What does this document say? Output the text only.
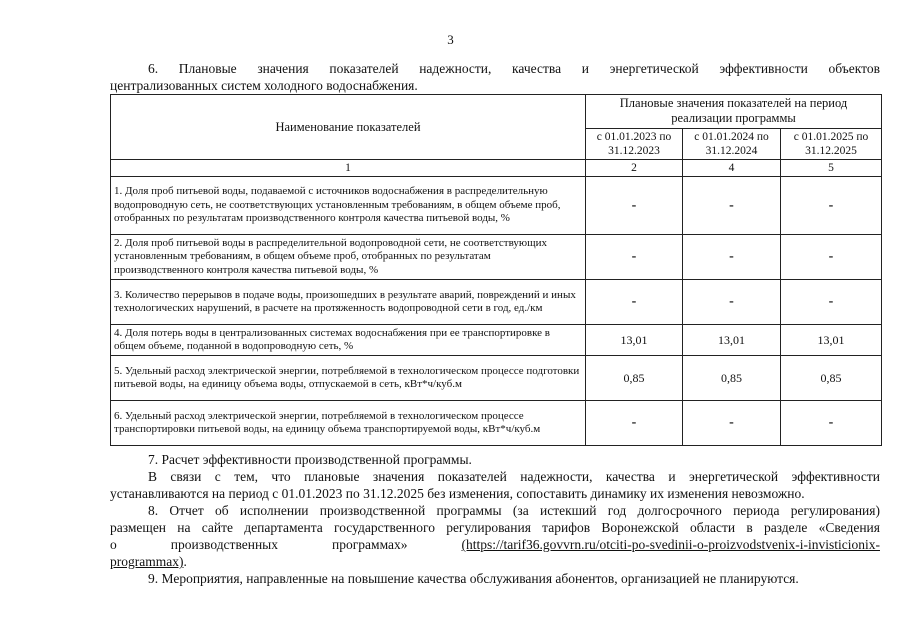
3
6. Плановые значения показателей надежности, качества и энергетической эффективности объектов
централизованных систем холодного водоснабжения.
Наименование показателей	Плановые значения показателей на период реализации программы		
	с 01.01.2023 по 31.12.2023	с 01.01.2024 по 31.12.2024	с 01.01.2025 по 31.12.2025
1	2	4	5
1. Доля проб питьевой воды, подаваемой с источников водоснабжения в распределительную водопроводную сеть, не соответствующих установленным требованиям, в общем объеме проб, отобранных по результатам производственного контроля качества питьевой воды, %	-	-	-
2. Доля проб питьевой воды в распределительной водопроводной сети, не соответствующих установленным требованиям, в общем объеме проб, отобранных по результатам производственного контроля качества питьевой воды, %	-	-	-
3. Количество перерывов в подаче воды, произошедших в результате аварий, повреждений и иных технологических нарушений, в расчете на протяженность водопроводной сети в год, ед./км	-	-	-
4. Доля потерь воды в централизованных системах водоснабжения при ее транспортировке в общем объеме, поданной в водопроводную сеть, %	13,01	13,01	13,01
5. Удельный расход электрической энергии, потребляемой в технологическом процессе подготовки питьевой воды, на единицу объема воды, отпускаемой в сеть, кВт*ч/куб.м	0,85	0,85	0,85
6. Удельный расход электрической энергии, потребляемой в технологическом процессе транспортировки питьевой воды, на единицу объема транспортируемой воды, кВт*ч/куб.м	-	-	-
7. Расчет эффективности производственной программы.
В связи с тем, что плановые значения показателей надежности, качества и энергетической эффективности
устанавливаются на период с 01.01.2023 по 31.12.2025 без изменения, сопоставить динамику их изменения невозможно.
8. Отчет об исполнении производственной программы (за истекший год долгосрочного периода регулирования)
размещен на сайте департамента государственного регулирования тарифов Воронежской области в разделе «Сведения
о	производственных	программах»	(https://tarif36.govvrn.ru/otcіti-po-svedinii-o-proizvodstvenix-i-invisticionix-
programmax).
9. Мероприятия, направленные на повышение качества обслуживания абонентов, организацией не планируются.
